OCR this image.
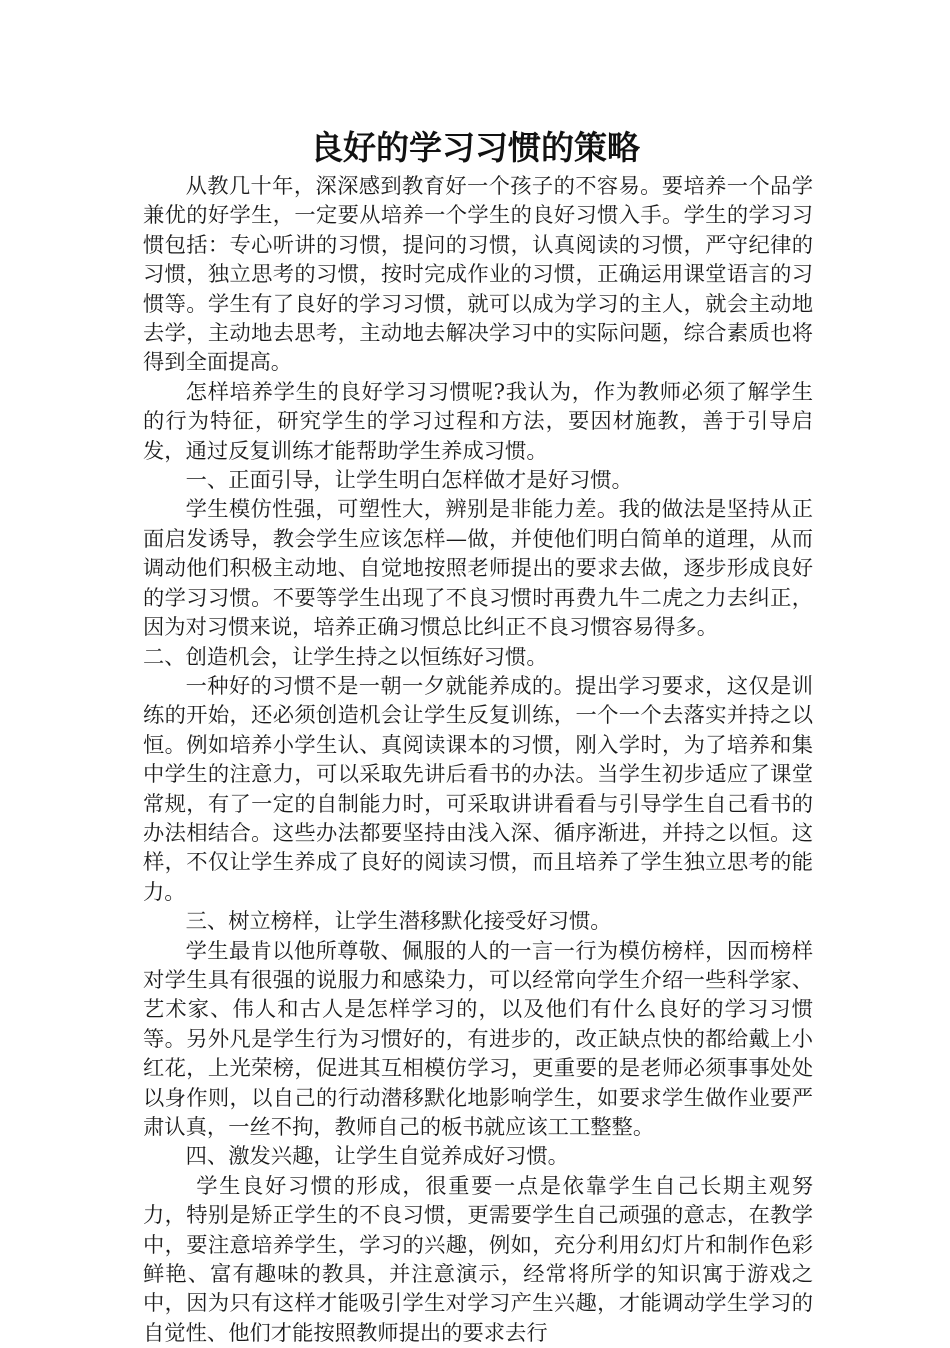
良好的学习习惯的策略

从教几十年，深深感到教育好一个孩子的不容易。要培养一个品学兼优的好学生，一定要从培养一个学生的良好习惯入手。学生的学习习惯包括：专心听讲的习惯，提问的习惯，认真阅读的习惯，严守纪律的习惯，独立思考的习惯，按时完成作业的习惯，正确运用课堂语言的习惯等。学生有了良好的学习习惯，就可以成为学习的主人，就会主动地去学，主动地去思考，主动地去解决学习中的实际问题，综合素质也将得到全面提高。

怎样培养学生的良好学习习惯呢?我认为，作为教师必须了解学生的行为特征，研究学生的学习过程和方法，要因材施教，善于引导启发，通过反复训练才能帮助学生养成习惯。

一、正面引导，让学生明白怎样做才是好习惯。

学生模仿性强，可塑性大，辨别是非能力差。我的做法是坚持从正面启发诱导，教会学生应该怎样—做，并使他们明白简单的道理，从而调动他们积极主动地、自觉地按照老师提出的要求去做，逐步形成良好的学习习惯。不要等学生出现了不良习惯时再费九牛二虎之力去纠正，因为对习惯来说，培养正确习惯总比纠正不良习惯容易得多。

二、创造机会，让学生持之以恒练好习惯。

一种好的习惯不是一朝一夕就能养成的。提出学习要求，这仅是训练的开始，还必须创造机会让学生反复训练，一个一个去落实并持之以恒。例如培养小学生认、真阅读课本的习惯，刚入学时，为了培养和集中学生的注意力，可以采取先讲后看书的办法。当学生初步适应了课堂常规，有了一定的自制能力时，可采取讲讲看看与引导学生自己看书的办法相结合。这些办法都要坚持由浅入深、循序渐进，并持之以恒。这样，不仅让学生养成了良好的阅读习惯，而且培养了学生独立思考的能力。

三、树立榜样，让学生潜移默化接受好习惯。

学生最肯以他所尊敬、佩服的人的一言一行为模仿榜样，因而榜样对学生具有很强的说服力和感染力，可以经常向学生介绍一些科学家、艺术家、伟人和古人是怎样学习的，以及他们有什么良好的学习习惯等。另外凡是学生行为习惯好的，有进步的，改正缺点快的都给戴上小红花，上光荣榜，促进其互相模仿学习，更重要的是老师必须事事处处以身作则，以自己的行动潜移默化地影响学生，如要求学生做作业要严肃认真，一丝不拘，教师自己的板书就应该工工整整。

四、激发兴趣，让学生自觉养成好习惯。

学生良好习惯的形成，很重要一点是依靠学生自己长期主观努力，特别是矫正学生的不良习惯，更需要学生自己顽强的意志，在教学中，要注意培养学生，学习的兴趣，例如，充分利用幻灯片和制作色彩鲜艳、富有趣味的教具，并注意演示，经常将所学的知识寓于游戏之中，因为只有这样才能吸引学生对学习产生兴趣，才能调动学生学习的自觉性、他们才能按照教师提出的要求去行
